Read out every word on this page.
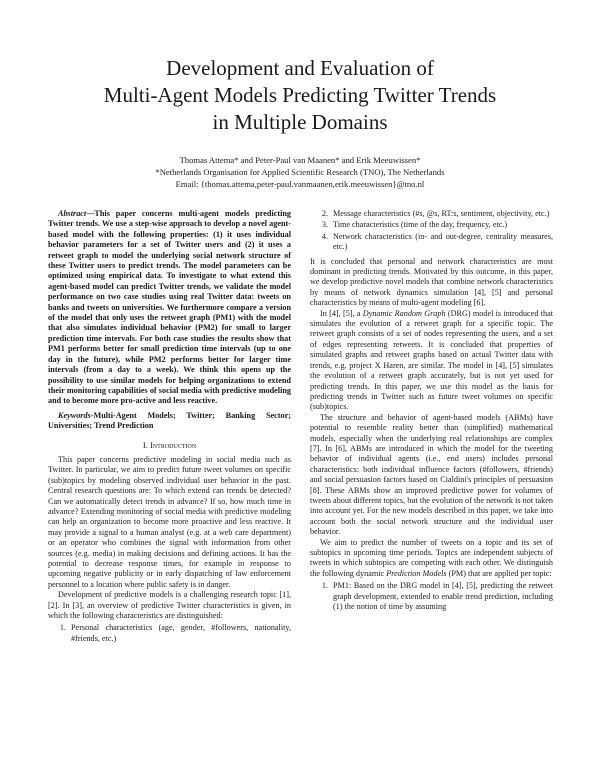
Development and Evaluation of
Multi-Agent Models Predicting Twitter Trends
in Multiple Domains
Thomas Attema* and Peter-Paul van Maanen* and Erik Meeuwissen*
*Netherlands Organisation for Applied Scientific Research (TNO), The Netherlands
Email: {thomas.attema,peter-paul.vanmaanen,erik.meeuwissen}@tno.nl

Abstract—This paper concerns multi-agent models predicting Twitter trends. We use a step-wise approach to develop a novel agent-based model with the following properties: (1) it uses individual behavior parameters for a set of Twitter users and (2) it uses a retweet graph to model the underlying social network structure of these Twitter users to predict trends. The model parameters can be optimized using empirical data. To investigate to what extend this agent-based model can predict Twitter trends, we validate the model performance on two case studies using real Twitter data: tweets on banks and tweets on universities. We furthermore compare a version of the model that only uses the retweet graph (PM1) with the model that also simulates individual behavior (PM2) for small to larger prediction time intervals. For both case studies the results show that PM1 performs better for small prediction time intervals (up to one day in the future), while PM2 performs better for larger time intervals (from a day to a week). We think this opens up the possibility to use similar models for helping organizations to extend their monitoring capabilities of social media with predictive modeling and to become more pro-active and less reactive.

Keywords-Multi-Agent Models; Twitter; Banking Sector; Universities; Trend Prediction

I. Introduction

This paper concerns predictive modeling in social media such as Twitter. In particular, we aim to predict future tweet volumes on specific (sub)topics by modeling observed individual user behavior in the past. Central research questions are: To which extend can trends be detected? Can we automatically detect trends in advance? If so, how much time in advance? Extending monitoring of social media with predictive modeling can help an organization to become more proactive and less reactive. It may provide a signal to a human analyst (e.g. at a web care department) or an operator who combines the signal with information from other sources (e.g. media) in making decisions and defining actions. It has the potential to decrease response times, for example in response to upcoming negative publicity or in early dispatching of law enforcement personnel to a location where public safety is in danger.

Development of predictive models is a challenging research topic [1], [2]. In [3], an overview of predictive Twitter characteristics is given, in which the following characteristics are distinguished:

1. Personal characteristics (age, gender, #followers, nationality, #friends, etc.)
2. Message characteristics (#s, @s, RT:s, sentiment, objectivity, etc.)
3. Time characteristics (time of the day, frequency, etc.)
4. Network characteristics (in- and out-degree, centrality measures, etc.)

It is concluded that personal and network characteristics are most dominant in predicting trends. Motivated by this outcome, in this paper, we develop predictive novel models that combine network characteristics by means of network dynamics simulation [4], [5] and personal characteristics by means of multi-agent modeling [6].

In [4], [5], a Dynamic Random Graph (DRG) model is introduced that simulates the evolution of a retweet graph for a specific topic. The retweet graph consists of a set of nodes representing the users, and a set of edges representing retweets. It is concluded that properties of simulated graphs and retweet graphs based on actual Twitter data with trends, e.g. project X Haren, are similar. The model in [4], [5] simulates the evolution of a retweet graph accurately, but is not yet used for predicting trends. In this paper, we use this model as the basis for predicting trends in Twitter such as future tweet volumes on specific (sub)topics.

The structure and behavior of agent-based models (ABMs) have potential to resemble reality better than (simplified) mathematical models, especially when the underlying real relationships are complex [7]. In [6], ABMs are introduced in which the model for the tweeting behavior of individual agents (i.e., end users) includes personal characteristics: both individual influence factors (#followers, #friends) and social persuasion factors based on Cialdini's principles of persuasion [8]. These ABMs show an improved predictive power for volumes of tweets about different topics, but the evolution of the network is not taken into account yet. For the new models described in this paper, we take into account both the social network structure and the individual user behavior.

We aim to predict the number of tweets on a topic and its set of subtopics in upcoming time periods. Topics are independent subjects of tweets in which subtopics are competing with each other. We distinguish the following dynamic Prediction Models (PM) that are applied per topic:

1. PM1: Based on the DRG model in [4], [5], predicting the retweet graph development, extended to enable trend prediction, including (1) the notion of time by assuming
